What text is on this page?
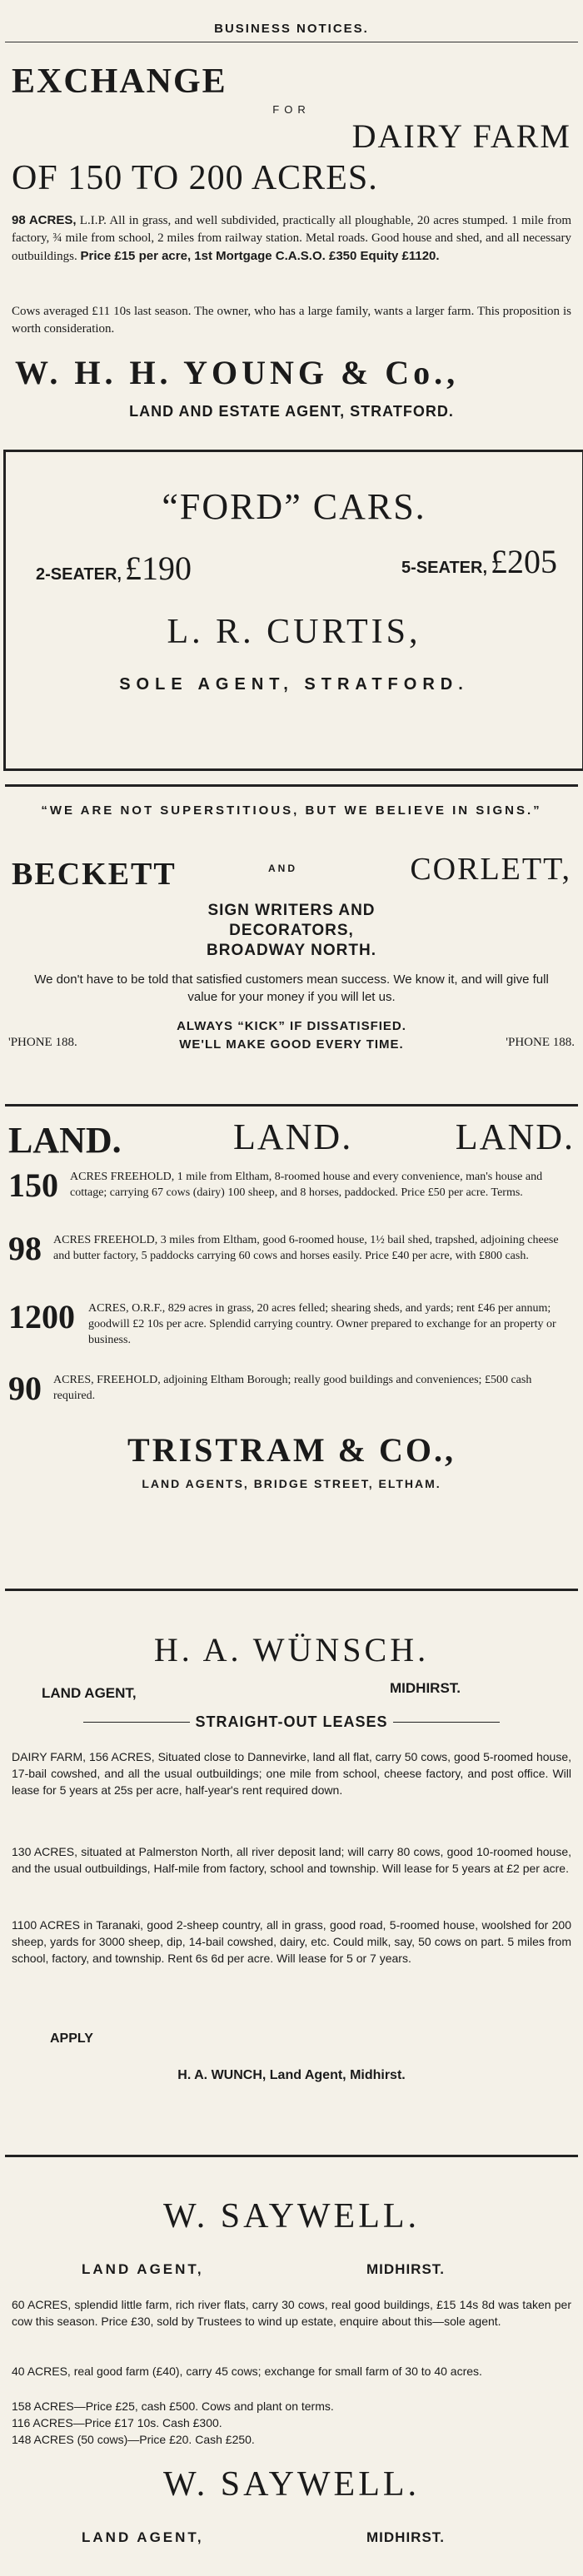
BUSINESS NOTICES.
EXCHANGE
FOR
DAIRY FARM
OF 150 TO 200 ACRES.
98 ACRES, L.I.P. All in grass, and well subdivided, practically all ploughable, 20 acres stumped. 1 mile from factory, ¾ mile from school, 2 miles from railway station. Metal roads. Good house and shed, and all necessary outbuildings. Price £15 per acre, 1st Mortgage C.A.S.O. £350 Equity £1120.
Cows averaged £11 10s last season. The owner, who has a large family, wants a larger farm. This proposition is worth consideration.
W. H. H. YOUNG & Co.,
LAND AND ESTATE AGENT, STRATFORD.
“FORD” CARS.
2-SEATER, £190	5-SEATER, £205
L. R. CURTIS,
SOLE AGENT, STRATFORD.
“WE ARE NOT SUPERSTITIOUS, BUT WE BELIEVE IN SIGNS.”
BECKETT	AND	CORLETT,
SIGN WRITERS AND
DECORATORS,
BROADWAY NORTH.
We don't have to be told that satisfied customers mean success. We know it, and will give full value for your money if you will let us.
ALWAYS “KICK” IF DISSATISFIED.
WE'LL MAKE GOOD EVERY TIME.
'PHONE 188.	'PHONE 188.
LAND.	LAND.	LAND.
150 ACRES FREEHOLD, 1 mile from Eltham, 8-roomed house and every convenience, man's house and cottage; carrying 67 cows (dairy) 100 sheep, and 8 horses, paddocked. Price £50 per acre. Terms.
98 ACRES FREEHOLD, 3 miles from Eltham, good 6-roomed house, 1½ bail shed, trapshed, adjoining cheese and butter factory, 5 paddocks carrying 60 cows and horses easily. Price £40 per acre, with £800 cash.
1200 ACRES, O.R.F., 829 acres in grass, 20 acres felled; shearing sheds, and yards; rent £46 per annum; goodwill £2 10s per acre. Splendid carrying country. Owner prepared to exchange for an property or business.
90 ACRES, FREEHOLD, adjoining Eltham Borough; really good buildings and conveniences; £500 cash required.
TRISTRAM & CO.,
LAND AGENTS, BRIDGE STREET, ELTHAM.
H. A. WÜNSCH.
LAND AGENT,	MIDHIRST.
STRAIGHT-OUT LEASES
DAIRY FARM, 156 ACRES, Situated close to Dannevirke, land all flat, carry 50 cows, good 5-roomed house, 17-bail cowshed, and all the usual outbuildings; one mile from school, cheese factory, and post office. Will lease for 5 years at 25s per acre, half-year's rent required down.
130 ACRES, situated at Palmerston North, all river deposit land; will carry 80 cows, good 10-roomed house, and the usual outbuildings, Half-mile from factory, school and township. Will lease for 5 years at £2 per acre.
1100 ACRES in Taranaki, good 2-sheep country, all in grass, good road, 5-roomed house, woolshed for 200 sheep, yards for 3000 sheep, dip, 14-bail cowshed, dairy, etc. Could milk, say, 50 cows on part. 5 miles from school, factory, and township. Rent 6s 6d per acre. Will lease for 5 or 7 years.
APPLY
H. A. WUNCH, Land Agent, Midhirst.
W. SAYWELL.
LAND AGENT,	MIDHIRST.
60 ACRES, splendid little farm, rich river flats, carry 30 cows, real good buildings, £15 14s 8d was taken per cow this season. Price £30, sold by Trustees to wind up estate, enquire about this—sole agent.
40 ACRES, real good farm (£40), carry 45 cows; exchange for small farm of 30 to 40 acres.
158 ACRES—Price £25, cash £500. Cows and plant on terms.
116 ACRES—Price £17 10s. Cash £300.
148 ACRES (50 cows)—Price £20. Cash £250.
W. SAYWELL.
LAND AGENT,	MIDHIRST.
